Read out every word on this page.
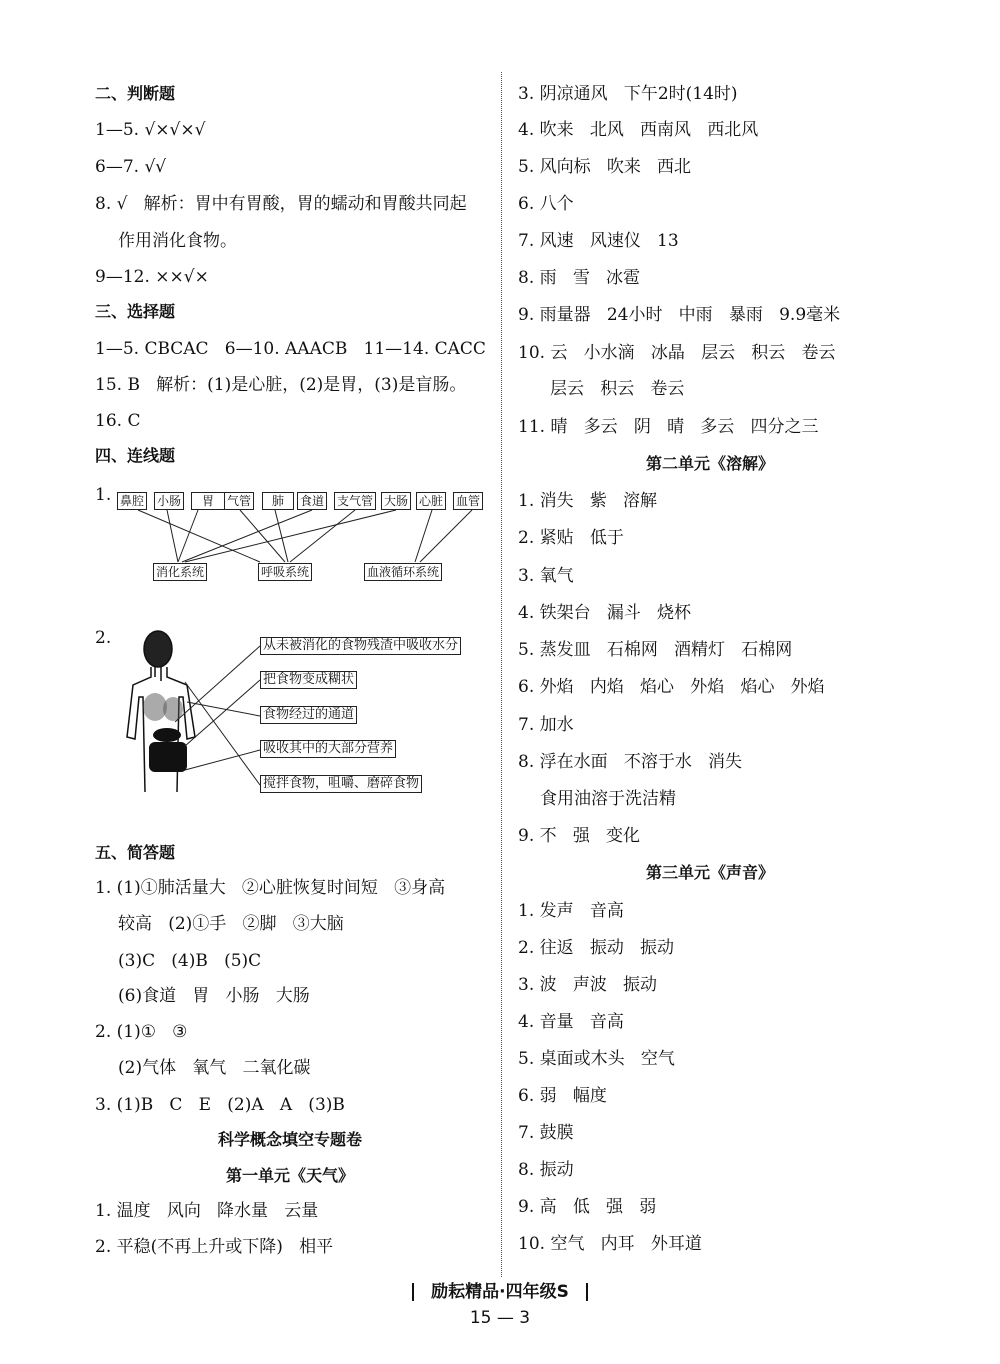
二、判断题
1—5. √×√×√
6—7. √√
8. √   解析：胃中有胃酸，胃的蠕动和胃酸共同起
作用消化食物。
9—12. ××√×
三、选择题
1—5. CBCAC   6—10. AAACB   11—14. CACC
15. B   解析：(1)是心脏，(2)是胃，(3)是盲肠。
16. C
四、连线题
1. 鼻腔 小肠	胃	气管	肺	食道 支气管 大肠 心脏 血管
消化系统	呼吸系统	血液循环系统
2.	从未被消化的食物残渣中吸收水分
把食物变成糊状
食物经过的通道
吸收其中的大部分营养
搅拌食物，咀嚼、磨碎食物
五、简答题
1. (1)①肺活量大   ②心脏恢复时间短   ③身高
较高   (2)①手   ②脚   ③大脑
(3)C   (4)B   (5)C
(6)食道   胃   小肠   大肠
2. (1)①   ③
(2)气体   氧气   二氧化碳
3. (1)B   C   E   (2)A   A   (3)B
科学概念填空专题卷
第一单元《天气》
1. 温度   风向   降水量   云量
2. 平稳(不再上升或下降)   相平
3. 阴凉通风   下午2时(14时)
4. 吹来   北风   西南风   西北风
5. 风向标   吹来   西北
6. 八个
7. 风速   风速仪   13
8. 雨   雪   冰雹
9. 雨量器   24小时   中雨   暴雨   9.9毫米
10. 云   小水滴   冰晶   层云   积云   卷云
层云   积云   卷云
11. 晴   多云   阴   晴   多云   四分之三
第二单元《溶解》
1. 消失   紫   溶解
2. 紧贴   低于
3. 氧气
4. 铁架台   漏斗   烧杯
5. 蒸发皿   石棉网   酒精灯   石棉网
6. 外焰   内焰   焰心   外焰   焰心   外焰
7. 加水
8. 浮在水面   不溶于水   消失
食用油溶于洗洁精
9. 不   强   变化
第三单元《声音》
1. 发声   音高
2. 往返   振动   振动
3. 波   声波   振动
4. 音量   音高
5. 桌面或木头   空气
6. 弱   幅度
7. 鼓膜
8. 振动
9. 高   低   强   弱
10. 空气   内耳   外耳道
励耘精品·四年级S
15 — 3
